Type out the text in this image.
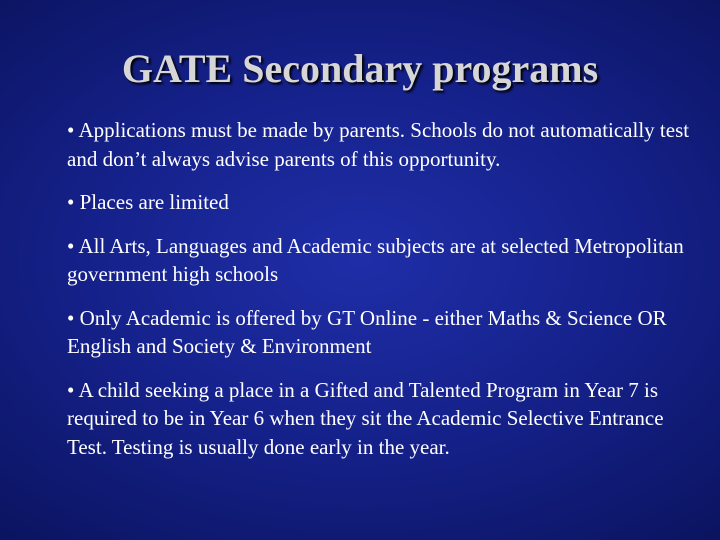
GATE Secondary programs
• Applications must be made by parents. Schools do not automatically test and don’t always advise parents of this opportunity.
• Places are limited
• All Arts, Languages and Academic subjects are at selected Metropolitan government high schools
• Only Academic is offered by GT Online - either Maths & Science OR English and Society & Environment
• A child seeking a place in a Gifted and Talented Program in Year 7 is required to be in Year 6 when they sit the Academic Selective Entrance Test. Testing is usually done early in the year.
